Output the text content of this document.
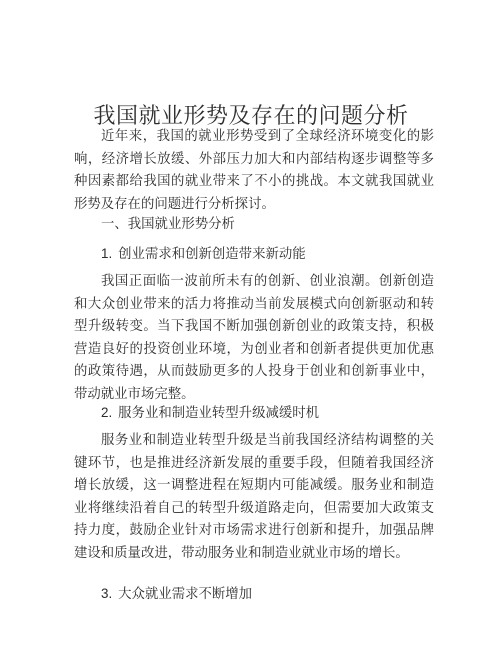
我国就业形势及存在的问题分析

近年来，我国的就业形势受到了全球经济环境变化的影响，经济增长放缓、外部压力加大和内部结构逐步调整等多种因素都给我国的就业带来了不小的挑战。本文就我国就业形势及存在的问题进行分析探讨。

一、我国就业形势分析

1. 创业需求和创新创造带来新动能

我国正面临一波前所未有的创新、创业浪潮。创新创造和大众创业带来的活力将推动当前发展模式向创新驱动和转型升级转变。当下我国不断加强创新创业的政策支持，积极营造良好的投资创业环境，为创业者和创新者提供更加优惠的政策待遇，从而鼓励更多的人投身于创业和创新事业中，带动就业市场完整。

2. 服务业和制造业转型升级减缓时机

服务业和制造业转型升级是当前我国经济结构调整的关键环节，也是推进经济新发展的重要手段，但随着我国经济增长放缓，这一调整进程在短期内可能减缓。服务业和制造业将继续沿着自己的转型升级道路走向，但需要加大政策支持力度，鼓励企业针对市场需求进行创新和提升，加强品牌建设和质量改进，带动服务业和制造业就业市场的增长。

3. 大众就业需求不断增加
